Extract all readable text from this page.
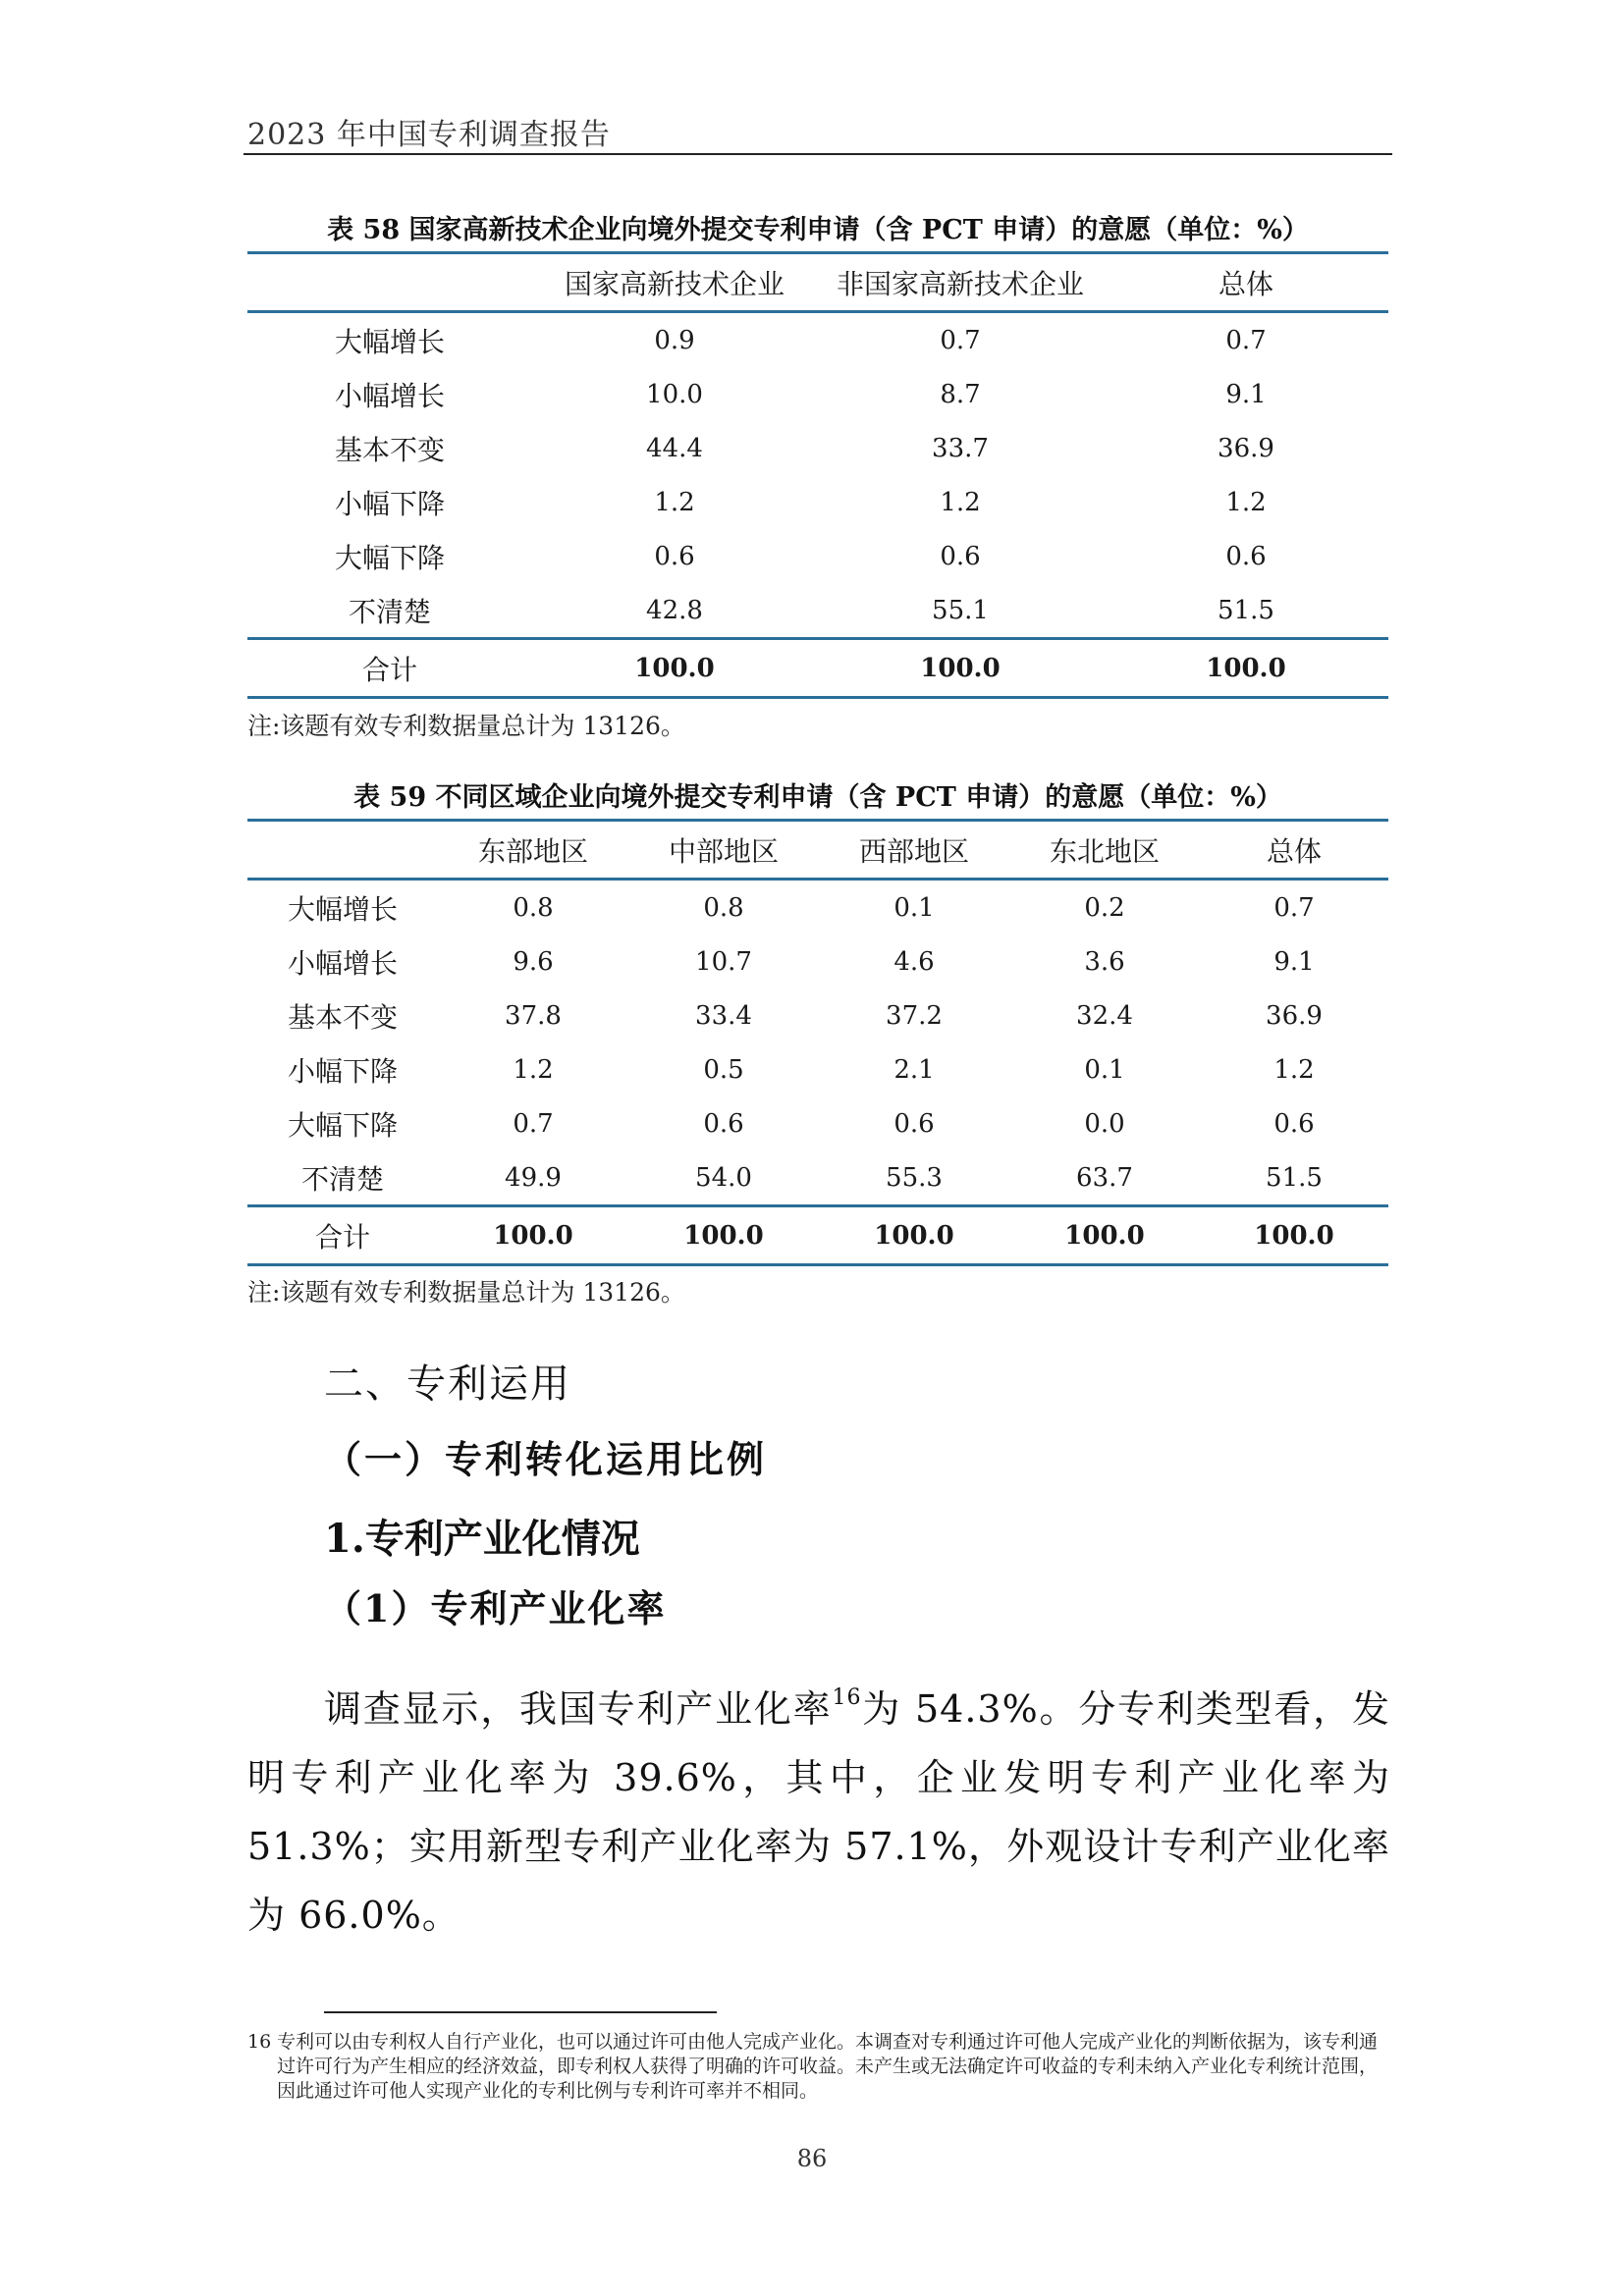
2023 年中国专利调查报告
表 58 国家高新技术企业向境外提交专利申请（含 PCT 申请）的意愿（单位：%）
	国家高新技术企业	非国家高新技术企业	总体
大幅增长	0.9	0.7	0.7
小幅增长	10.0	8.7	9.1
基本不变	44.4	33.7	36.9
小幅下降	1.2	1.2	1.2
大幅下降	0.6	0.6	0.6
不清楚	42.8	55.1	51.5
合计	100.0	100.0	100.0
注:该题有效专利数据量总计为 13126。
表 59 不同区域企业向境外提交专利申请（含 PCT 申请）的意愿（单位：%）
	东部地区	中部地区	西部地区	东北地区	总体
大幅增长	0.8	0.8	0.1	0.2	0.7
小幅增长	9.6	10.7	4.6	3.6	9.1
基本不变	37.8	33.4	37.2	32.4	36.9
小幅下降	1.2	0.5	2.1	0.1	1.2
大幅下降	0.7	0.6	0.6	0.0	0.6
不清楚	49.9	54.0	55.3	63.7	51.5
合计	100.0	100.0	100.0	100.0	100.0
注:该题有效专利数据量总计为 13126。
二、专利运用
（一）专利转化运用比例
1.专利产业化情况
（1）专利产业化率

调查显示，我国专利产业化率$^{16}$为 54.3%。分专利类型看，发明专利产业化率为 39.6%，其中，企业发明专利产业化率为 51.3%；实用新型专利产业化率为 57.1%，外观设计专利产业化率为 66.0%。

16 专利可以由专利权人自行产业化，也可以通过许可由他人完成产业化。本调查对专利通过许可他人完成产业化的判断依据为，该专利通过许可行为产生相应的经济效益，即专利权人获得了明确的许可收益。未产生或无法确定许可收益的专利未纳入产业化专利统计范围，因此通过许可他人实现产业化的专利比例与专利许可率并不相同。
86
